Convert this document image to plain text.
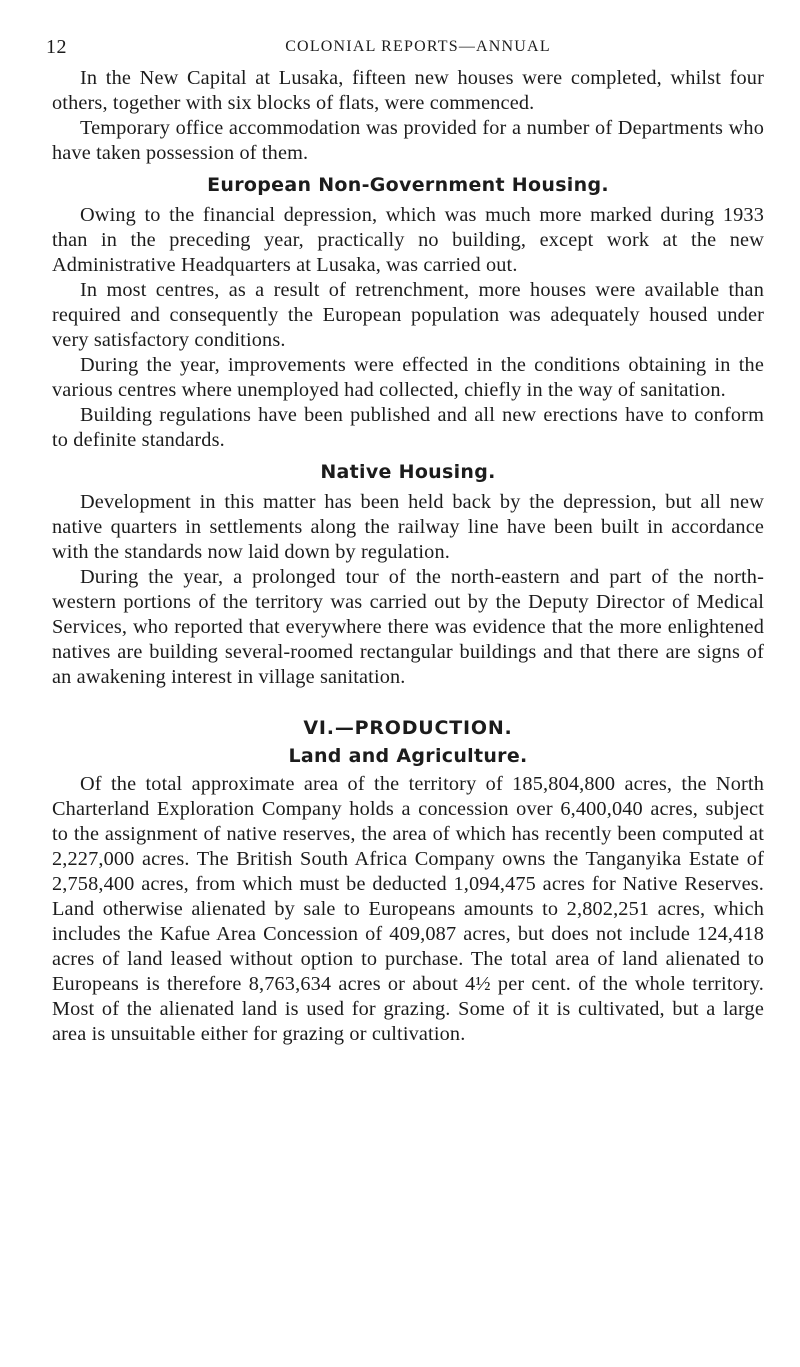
12	COLONIAL REPORTS—ANNUAL

In the New Capital at Lusaka, fifteen new houses were completed, whilst four others, together with six blocks of flats, were commenced.

Temporary office accommodation was provided for a number of Departments who have taken possession of them.

European Non-Government Housing.

Owing to the financial depression, which was much more marked during 1933 than in the preceding year, practically no building, except work at the new Administrative Headquarters at Lusaka, was carried out.

In most centres, as a result of retrenchment, more houses were available than required and consequently the European population was adequately housed under very satisfactory conditions.

During the year, improvements were effected in the conditions obtaining in the various centres where unemployed had collected, chiefly in the way of sanitation.

Building regulations have been published and all new erections have to conform to definite standards.

Native Housing.

Development in this matter has been held back by the depression, but all new native quarters in settlements along the railway line have been built in accordance with the standards now laid down by regulation.

During the year, a prolonged tour of the north-eastern and part of the north-western portions of the territory was carried out by the Deputy Director of Medical Services, who reported that everywhere there was evidence that the more enlightened natives are building several-roomed rectangular buildings and that there are signs of an awakening interest in village sanitation.

VI.—PRODUCTION.
Land and Agriculture.

Of the total approximate area of the territory of 185,804,800 acres, the North Charterland Exploration Company holds a concession over 6,400,040 acres, subject to the assignment of native reserves, the area of which has recently been computed at 2,227,000 acres. The British South Africa Company owns the Tanganyika Estate of 2,758,400 acres, from which must be deducted 1,094,475 acres for Native Reserves. Land otherwise alienated by sale to Europeans amounts to 2,802,251 acres, which includes the Kafue Area Concession of 409,087 acres, but does not include 124,418 acres of land leased without option to purchase. The total area of land alienated to Europeans is therefore 8,763,634 acres or about 4½ per cent. of the whole territory. Most of the alienated land is used for grazing. Some of it is cultivated, but a large area is unsuitable either for grazing or cultivation.
